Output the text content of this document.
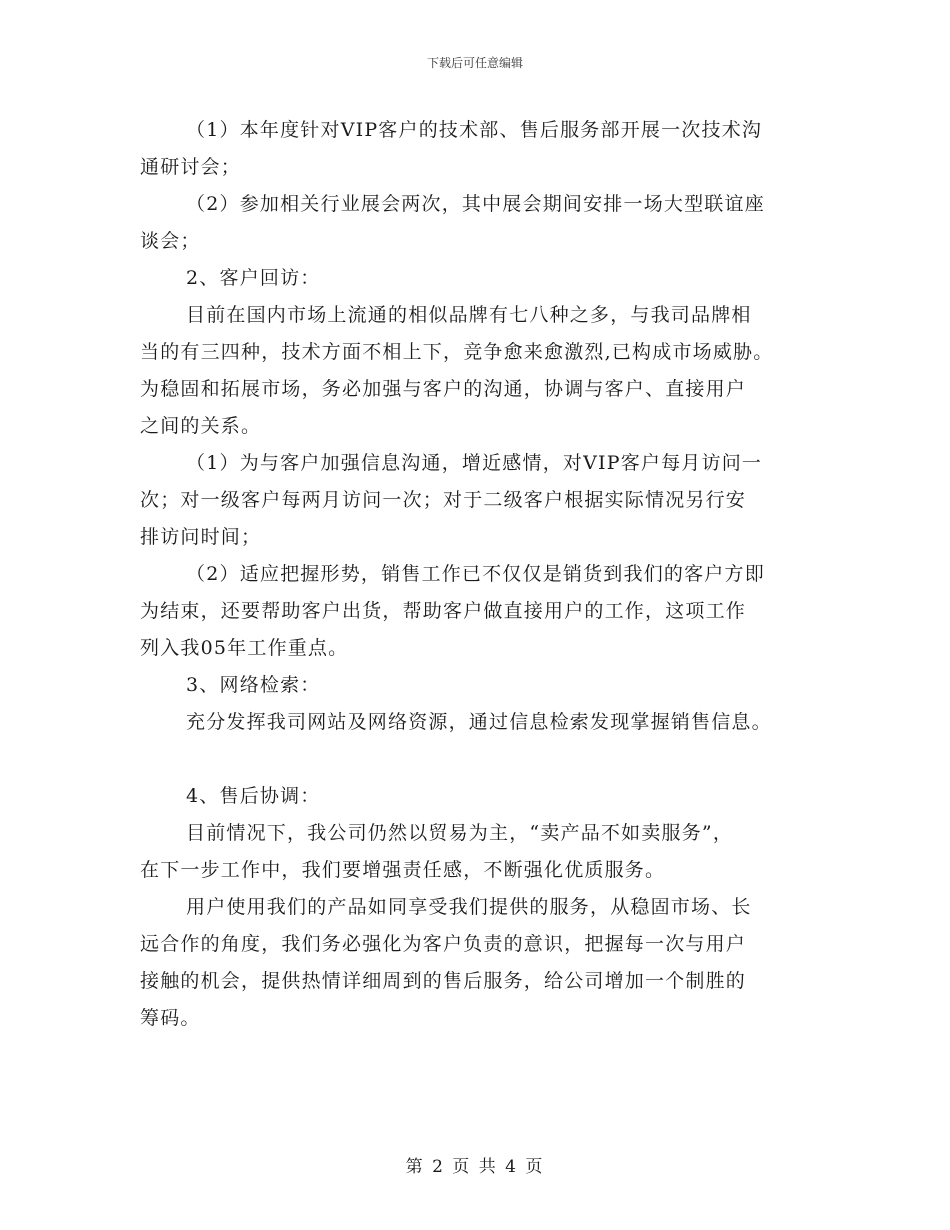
下载后可任意编辑
（1）本年度针对VIP客户的技术部、售后服务部开展一次技术沟
通研讨会；
（2）参加相关行业展会两次，其中展会期间安排一场大型联谊座
谈会；
2、客户回访：
目前在国内市场上流通的相似品牌有七八种之多，与我司品牌相
当的有三四种，技术方面不相上下，竞争愈来愈激烈,已构成市场威胁。
为稳固和拓展市场，务必加强与客户的沟通，协调与客户、直接用户
之间的关系。
（1）为与客户加强信息沟通，增近感情，对VIP客户每月访问一
次；对一级客户每两月访问一次；对于二级客户根据实际情况另行安
排访问时间；
（2）适应把握形势，销售工作已不仅仅是销货到我们的客户方即
为结束，还要帮助客户出货，帮助客户做直接用户的工作，这项工作
列入我05年工作重点。
3、网络检索：
充分发挥我司网站及网络资源，通过信息检索发现掌握销售信息。
4、售后协调：
目前情况下，我公司仍然以贸易为主，“卖产品不如卖服务”，
在下一步工作中，我们要增强责任感，不断强化优质服务。
用户使用我们的产品如同享受我们提供的服务，从稳固市场、长
远合作的角度，我们务必强化为客户负责的意识，把握每一次与用户
接触的机会，提供热情详细周到的售后服务，给公司增加一个制胜的
筹码。
第 2 页 共 4 页
